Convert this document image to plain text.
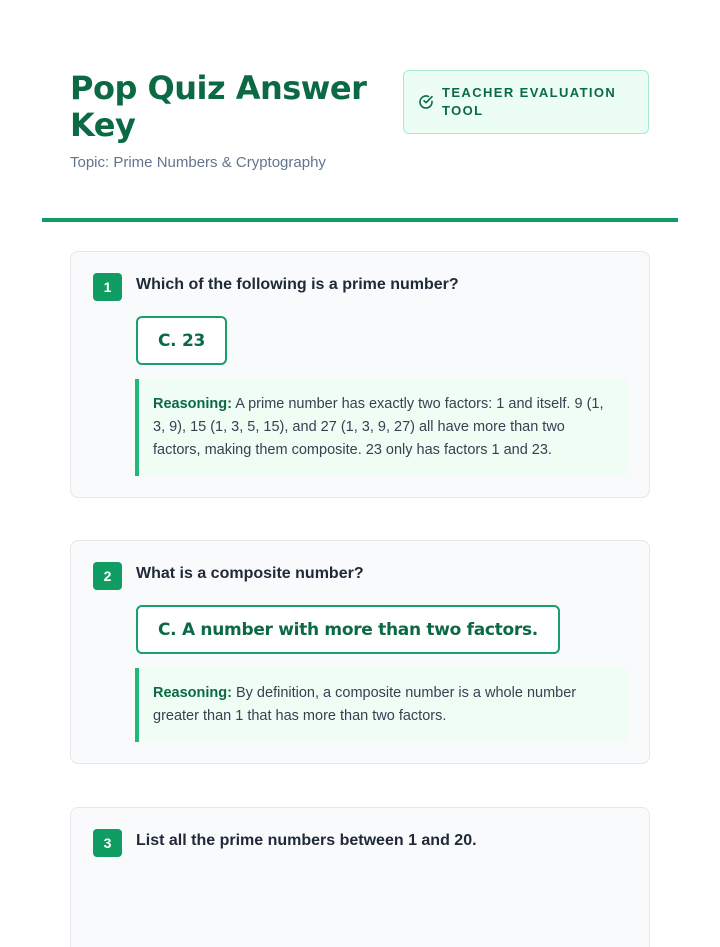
Pop Quiz Answer Key
Topic: Prime Numbers & Cryptography
TEACHER EVALUATION TOOL
1	Which of the following is a prime number?
C. 23
Reasoning: A prime number has exactly two factors: 1 and itself. 9 (1, 3, 9), 15 (1, 3, 5, 15), and 27 (1, 3, 9, 27) all have more than two factors, making them composite. 23 only has factors 1 and 23.
2	What is a composite number?
C. A number with more than two factors.
Reasoning: By definition, a composite number is a whole number greater than 1 that has more than two factors.
3	List all the prime numbers between 1 and 20.
